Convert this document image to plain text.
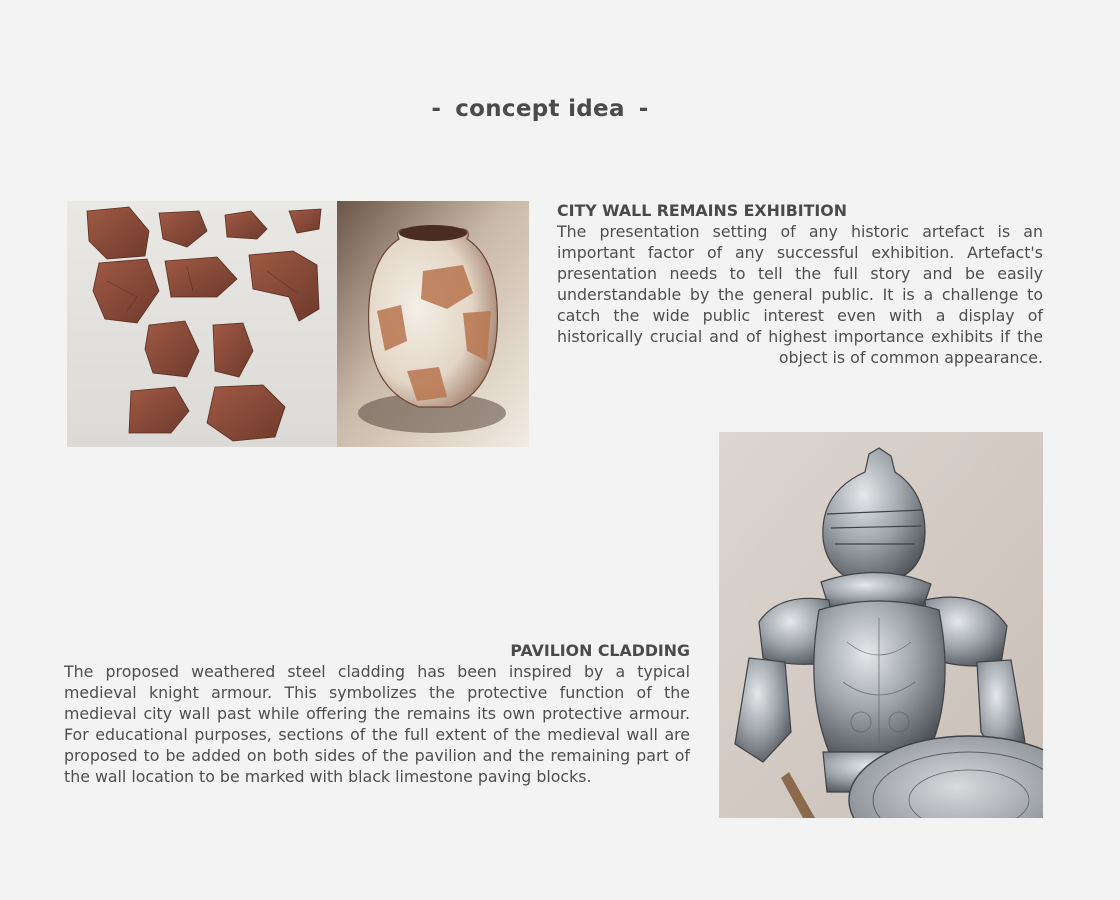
- concept idea -
CITY WALL REMAINS EXHIBITION

The presentation setting of any historic artefact is an important factor of any successful exhibition. Artefact's presentation needs to tell the full story and be easily understandable by the general public. It is a challenge to catch the wide public interest even with a display of historically crucial and of highest importance exhibits if the object is of common appearance.

PAVILION CLADDING

The proposed weathered steel cladding has been inspired by a typical medieval knight armour. This symbolizes the protective function of the medieval city wall past while offering the remains its own protective armour. For educational purposes, sections of the full extent of the medieval wall are proposed to be added on both sides of the pavilion and the remaining part of the wall location to be marked with black limestone paving blocks.
